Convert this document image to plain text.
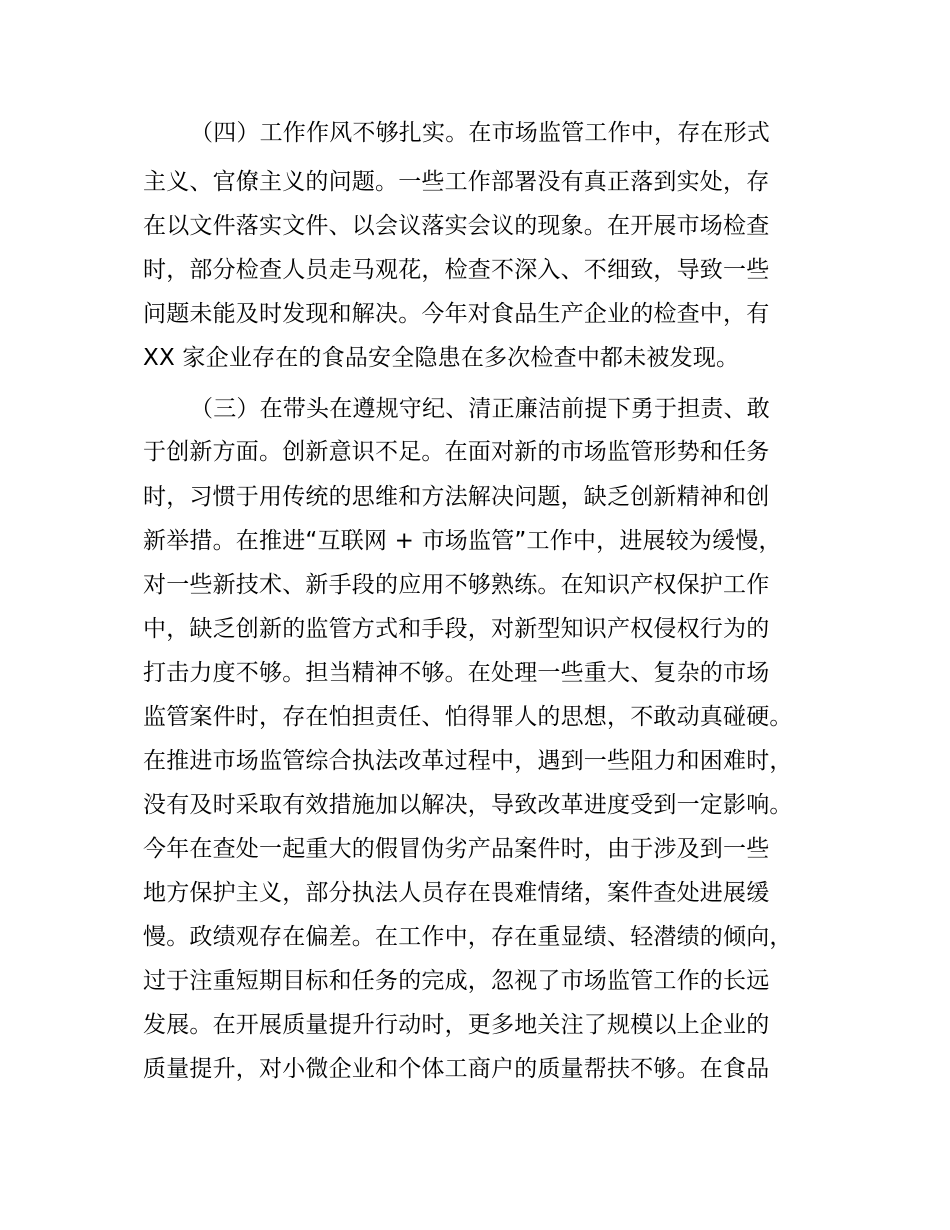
（四）工作作风不够扎实。在市场监管工作中，存在形式
主义、官僚主义的问题。一些工作部署没有真正落到实处，存
在以文件落实文件、以会议落实会议的现象。在开展市场检查
时，部分检查人员走马观花，检查不深入、不细致，导致一些
问题未能及时发现和解决。今年对食品生产企业的检查中，有
XX 家企业存在的食品安全隐患在多次检查中都未被发现。
（三）在带头在遵规守纪、清正廉洁前提下勇于担责、敢
于创新方面。创新意识不足。在面对新的市场监管形势和任务
时，习惯于用传统的思维和方法解决问题，缺乏创新精神和创
新举措。在推进“互联网 + 市场监管”工作中，进展较为缓慢，
对一些新技术、新手段的应用不够熟练。在知识产权保护工作
中，缺乏创新的监管方式和手段，对新型知识产权侵权行为的
打击力度不够。担当精神不够。在处理一些重大、复杂的市场
监管案件时，存在怕担责任、怕得罪人的思想，不敢动真碰硬。
在推进市场监管综合执法改革过程中，遇到一些阻力和困难时，
没有及时采取有效措施加以解决，导致改革进度受到一定影响。
今年在查处一起重大的假冒伪劣产品案件时，由于涉及到一些
地方保护主义，部分执法人员存在畏难情绪，案件查处进展缓
慢。政绩观存在偏差。在工作中，存在重显绩、轻潜绩的倾向，
过于注重短期目标和任务的完成，忽视了市场监管工作的长远
发展。在开展质量提升行动时，更多地关注了规模以上企业的
质量提升，对小微企业和个体工商户的质量帮扶不够。在食品
